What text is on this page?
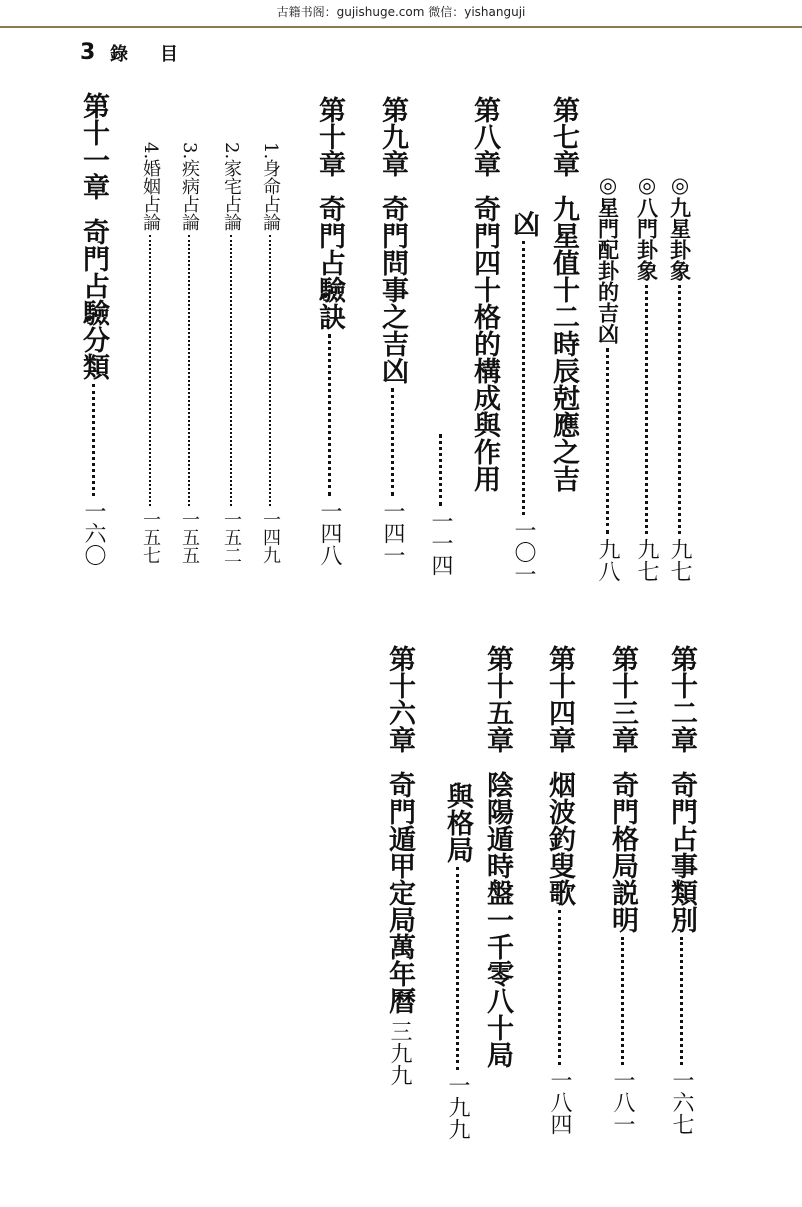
古籍书阁：gujishuge.com 微信：yishanguji
3 錄 目
◎九星卦象
九七
◎八門卦象
九七
◎星門配卦的吉凶
九八
第七章
九星值十二時辰尅應之吉
凶
一〇一
第八章
奇門四十格的構成與作用
一一四
第九章
奇門問事之吉凶
一四一
第十章
奇門占驗訣
一四八
1.身命占論
一四九
2.家宅占論
一五二
3.疾病占論
一五五
4.婚姻占論
一五七
第十一章
奇門占驗分類
一六〇
第十二章
奇門占事類別
一六七
第十三章
奇門格局説明
一八一
第十四章
烟波釣叟歌
一八四
第十五章
陰陽遁時盤一千零八十局
與格局
一九九
第十六章
奇門遁甲定局萬年曆
三九九
